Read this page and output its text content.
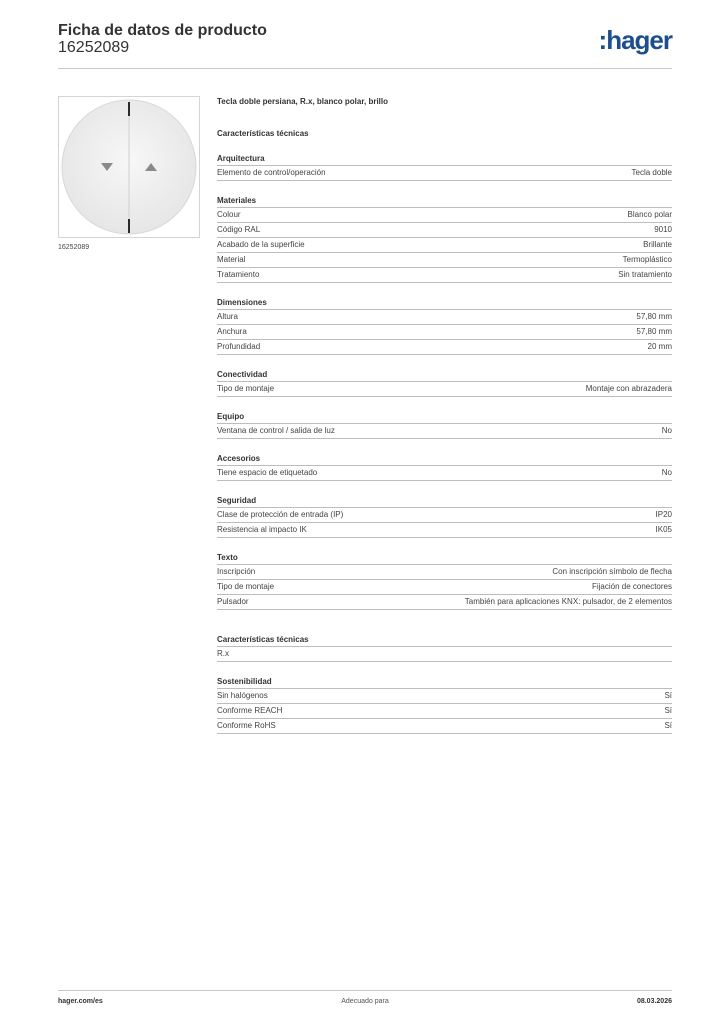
Ficha de datos de producto
16252089	:hager
16252089
Tecla doble persiana, R.x, blanco polar, brillo
Características técnicas
Arquitectura
Elemento de control/operación	Tecla doble
Materiales
Colour	Blanco polar
Código RAL	9010
Acabado de la superficie	Brillante
Material	Termoplástico
Tratamiento	Sin tratamiento
Dimensiones
Altura	57,80 mm
Anchura	57,80 mm
Profundidad	20 mm
Conectividad
Tipo de montaje	Montaje con abrazadera
Equipo
Ventana de control / salida de luz	No
Accesorios
Tiene espacio de etiquetado	No
Seguridad
Clase de protección de entrada (IP)	IP20
Resistencia al impacto IK	IK05
Texto
Inscripción	Con inscripción símbolo de flecha
Tipo de montaje	Fijación de conectores
Pulsador	También para aplicaciones KNX: pulsador, de 2 elementos
Características técnicas
R.x
Sostenibilidad
Sin halógenos	Sí
Conforme REACH	Sí
Conforme RoHS	Sí
hager.com/es	Adecuado para	08.03.2026
